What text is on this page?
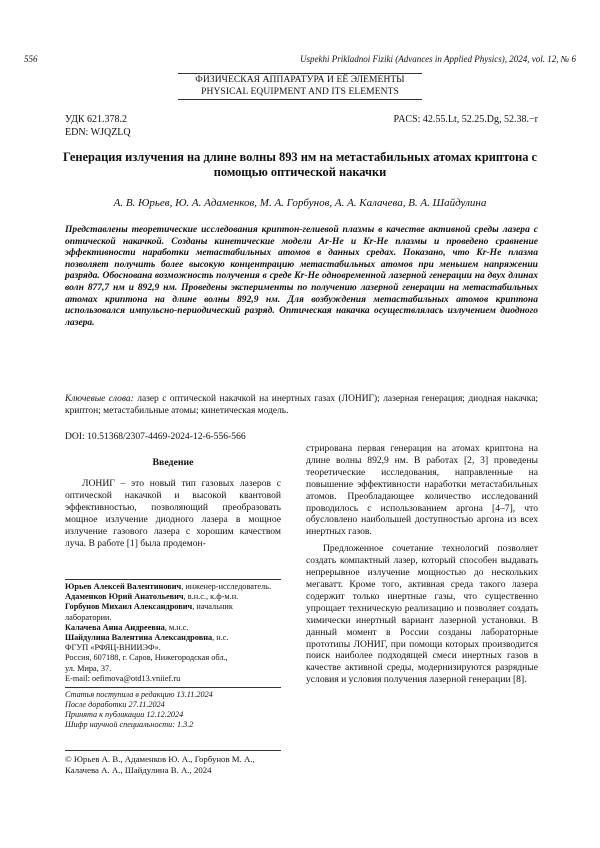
556	Uspekhi Prikladnoi Fiziki (Advances in Applied Physics), 2024, vol. 12, № 6
ФИЗИЧЕСКАЯ АППАРАТУРА И ЕЁ ЭЛЕМЕНТЫ
PHYSICAL EQUIPMENT AND ITS ELEMENTS
УДК 621.378.2
EDN: WJQZLQ
PACS: 42.55.Lt, 52.25.Dg, 52.38.−r
Генерация излучения на длине волны 893 нм на метастабильных атомах криптона с помощью оптической накачки
А. В. Юрьев, Ю. А. Адаменков, М. А. Горбунов, А. А. Калачева, В. А. Шайдулина

Представлены теоретические исследования криптон-гелиевой плазмы в качестве активной среды лазера с оптической накачкой. Созданы кинетические модели Ar-He и Kr-He плазмы и проведено сравнение эффективности наработки метастабильных атомов в данных средах. Показано, что Kr-He плазма позволяет получить более высокую концентрацию метастабильных атомов при меньшем напряжении разряда. Обоснована возможность получения в среде Kr-He одновременной лазерной генерации на двух длинах волн 877,7 нм и 892,9 нм. Проведены эксперименты по получению лазерной генерации на метастабильных атомах криптона на длине волны 892,9 нм. Для возбуждения метастабильных атомов криптона использовался импульсно-периодический разряд. Оптическая накачка осуществлялась излучением диодного лазера.

Ключевые слова: лазер с оптической накачкой на инертных газах (ЛОНИГ); лазерная генерация; диодная накачка; криптон; метастабильные атомы; кинетическая модель.

DOI: 10.51368/2307-4469-2024-12-6-556-566
Введение

ЛОНИГ – это новый тип газовых лазеров с оптической накачкой и высокой квантовой эффективностью, позволяющий преобразовать мощное излучение диодного лазера в мощное излучение газового лазера с хорошим качеством луча. В работе [1] была продемон-

стрирована первая генерация на атомах криптона на длине волны 892,9 нм. В работах [2, 3] проведены теоретические исследования, направленные на повышение эффективности наработки метастабильных атомов. Преобладающее количество исследований проводилось с использованием аргона [4–7], что обусловлено наибольшей доступностью аргона из всех инертных газов.

Предложенное сочетание технологий позволяет создать компактный лазер, который способен выдавать непрерывное излучение мощностью до нескольких мегаватт. Кроме того, активная среда такого лазера содержит только инертные газы, что существенно упрощает техническую реализацию и позволяет создать химически инертный вариант лазерной установки. В данный момент в России созданы лабораторные прототипы ЛОНИГ, при помощи которых производится поиск наиболее подходящей смеси инертных газов в качестве активной среды, модернизируются разрядные условия и условия получения лазерной генерации [8].

Юрьев Алексей Валентинович, инженер-исследователь.

Адаменков Юрий Анатольевич, в.н.с., к.ф-м.н.

Горбунов Михаил Александрович, начальник лаборатории.

Калачева Анна Андреевна, м.н.с.

Шайдулина Валентина Александровна, н.с.

ФГУП «РФЯЦ-ВНИИЭФ».

Россия, 607188, г. Саров, Нижегородская обл.,

ул. Мира, 37.

E-mail: oefimova@otd13.vniief.ru

Статья поступила в редакцию 13.11.2024

После доработки 27.11.2024

Принята к публикации 12.12.2024

Шифр научной специальности: 1.3.2

© Юрьев А. В., Адаменков Ю. А., Горбунов М. А., Калачева А. А., Шайдулина В. А., 2024
